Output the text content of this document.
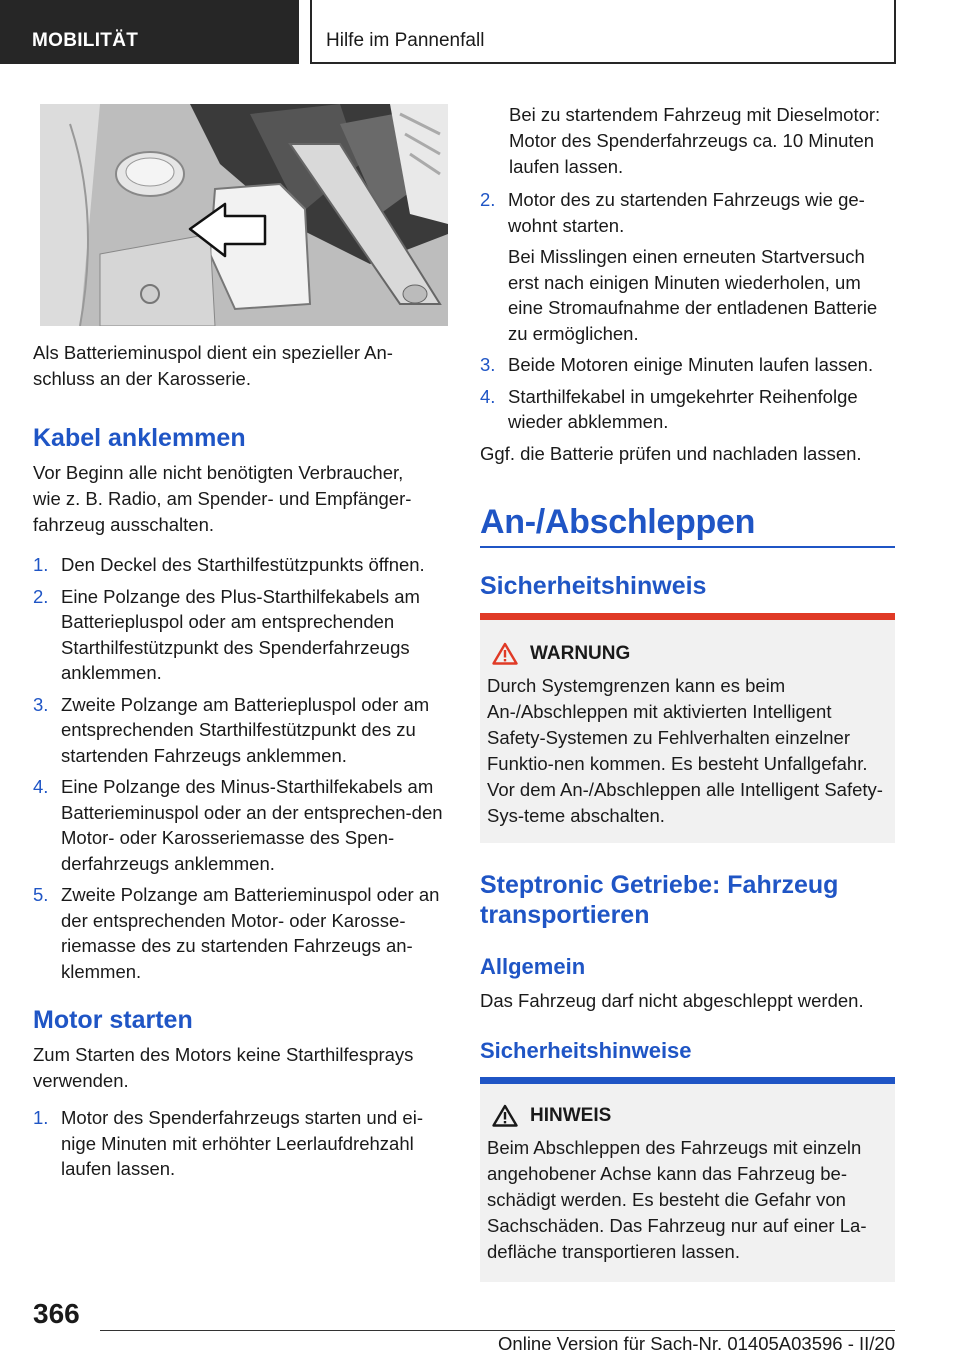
MOBILITÄT	Hilfe im Pannenfall
Als Batterieminuspol dient ein spezieller An-
schluss an der Karosserie.
Kabel anklemmen
Vor Beginn alle nicht benötigten Verbraucher, wie z. B. Radio, am Spender- und Empfänger-fahrzeug ausschalten.
1. Den Deckel des Starthilfestützpunkts öffnen.
2. Eine Polzange des Plus-Starthilfekabels am Batteriepluspol oder am entsprechenden Starthilfestützpunkt des Spenderfahrzeugs anklemmen.
3. Zweite Polzange am Batteriepluspol oder am entsprechenden Starthilfestützpunkt des zu startenden Fahrzeugs anklemmen.
4. Eine Polzange des Minus-Starthilfekabels am Batterieminuspol oder an der entsprechen-den Motor- oder Karosseriemasse des Spen-derfahrzeugs anklemmen.
5. Zweite Polzange am Batterieminuspol oder an der entsprechenden Motor- oder Karosse-riemasse des zu startenden Fahrzeugs an-klemmen.
Motor starten
Zum Starten des Motors keine Starthilfesprays verwenden.
1. Motor des Spenderfahrzeugs starten und ei-nige Minuten mit erhöhter Leerlaufdrehzahl laufen lassen.
Bei zu startendem Fahrzeug mit Dieselmotor: Motor des Spenderfahrzeugs ca. 10 Minuten laufen lassen.
2. Motor des zu startenden Fahrzeugs wie ge-wohnt starten.
Bei Misslingen einen erneuten Startversuch erst nach einigen Minuten wiederholen, um eine Stromaufnahme der entladenen Batterie zu ermöglichen.
3. Beide Motoren einige Minuten laufen lassen.
4. Starthilfekabel in umgekehrter Reihenfolge wieder abklemmen.
Ggf. die Batterie prüfen und nachladen lassen.
An-/Abschleppen
Sicherheitshinweis
WARNUNG
Durch Systemgrenzen kann es beim An-/Abschleppen mit aktivierten Intelligent Safety-Systemen zu Fehlverhalten einzelner Funktio-nen kommen. Es besteht Unfallgefahr. Vor dem An-/Abschleppen alle Intelligent Safety-Sys-teme abschalten.
Steptronic Getriebe: Fahrzeug transportieren
Allgemein
Das Fahrzeug darf nicht abgeschleppt werden.
Sicherheitshinweise
HINWEIS
Beim Abschleppen des Fahrzeugs mit einzeln angehobener Achse kann das Fahrzeug be-schädigt werden. Es besteht die Gefahr von Sachschäden. Das Fahrzeug nur auf einer La-defläche transportieren lassen.
366
Online Version für Sach-Nr. 01405A03596 - II/20
